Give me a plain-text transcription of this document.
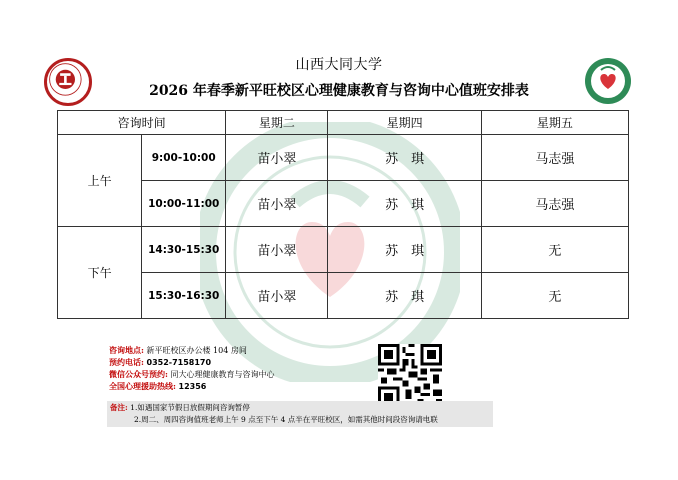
山西大同大学
2026 年春季新平旺校区心理健康教育与咨询中心值班安排表
咨询时间		星期二	星期四	星期五
上午	9:00-10:00	苗小翠	苏　琪	马志强
	10:00-11:00	苗小翠	苏　琪	马志强
下午	14:30-15:30	苗小翠	苏　琪	无
	15:30-16:30	苗小翠	苏　琪	无
咨询地点: 新平旺校区办公楼 104 房间
预约电话: 0352-7158170
微信公众号预约: 同大心理健康教育与咨询中心
全国心理援助热线: 12356
备注: 1.如遇国家节假日放假期间咨询暂停
2.周二、周四咨询值班老师上午 9 点至下午 4 点半在平旺校区，如需其他时间段咨询请电联
